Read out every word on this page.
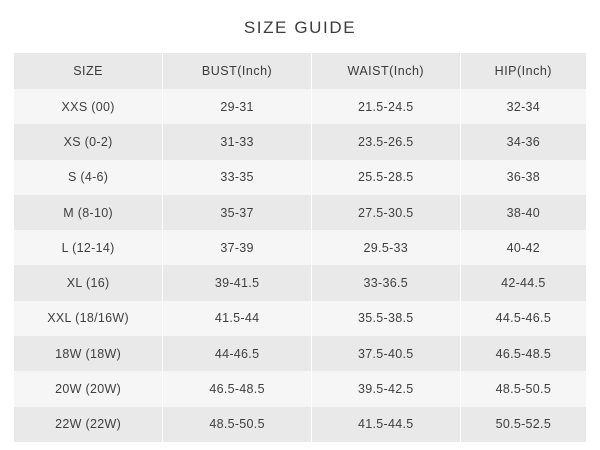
SIZE GUIDE
SIZE	BUST(Inch)	WAIST(Inch)	HIP(Inch)
XXS (00)	29-31	21.5-24.5	32-34
XS (0-2)	31-33	23.5-26.5	34-36
S (4-6)	33-35	25.5-28.5	36-38
M (8-10)	35-37	27.5-30.5	38-40
L (12-14)	37-39	29.5-33	40-42
XL (16)	39-41.5	33-36.5	42-44.5
XXL (18/16W)	41.5-44	35.5-38.5	44.5-46.5
18W (18W)	44-46.5	37.5-40.5	46.5-48.5
20W (20W)	46.5-48.5	39.5-42.5	48.5-50.5
22W (22W)	48.5-50.5	41.5-44.5	50.5-52.5
